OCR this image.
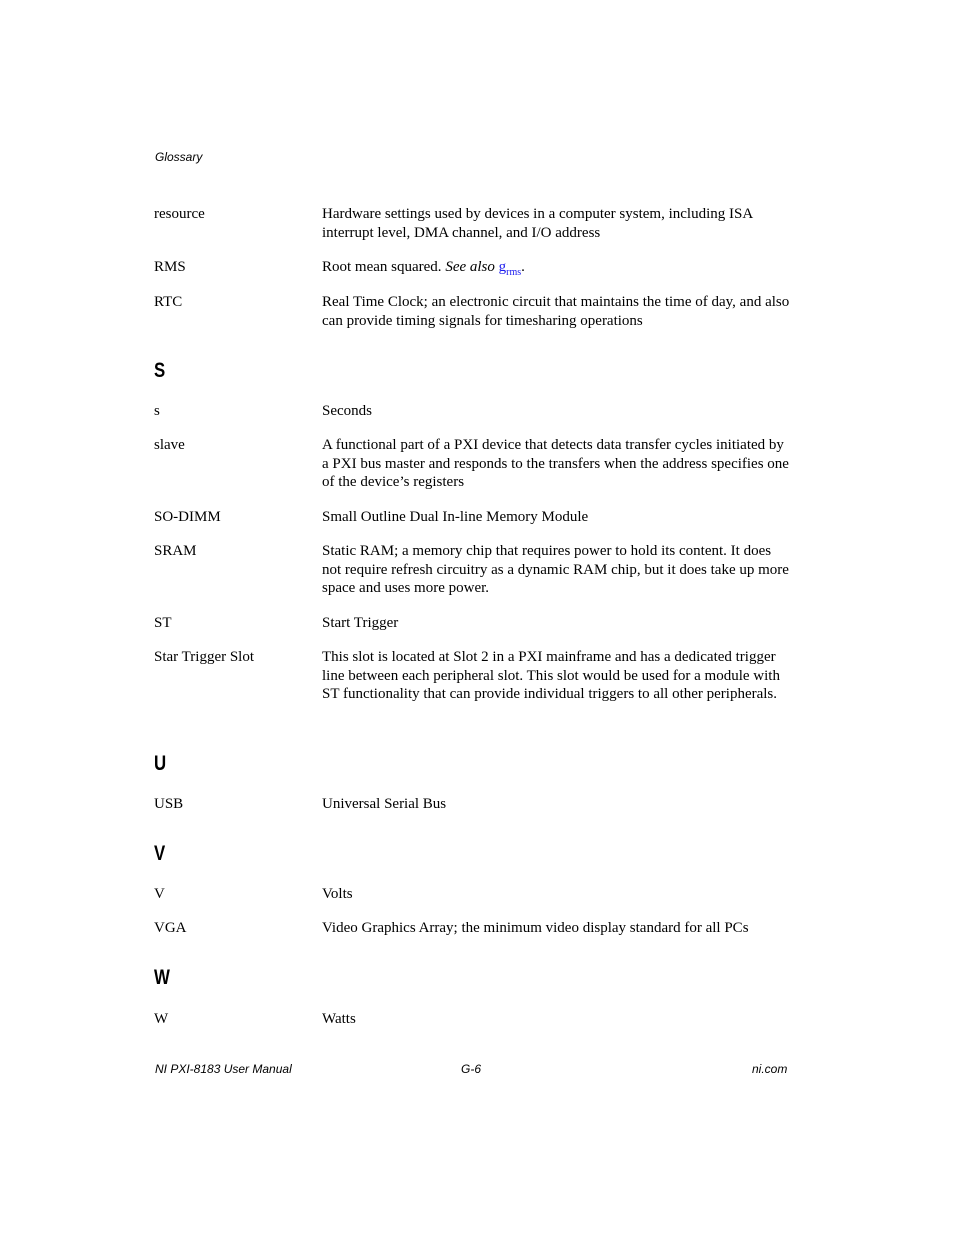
Glossary
resource	Hardware settings used by devices in a computer system, including ISA interrupt level, DMA channel, and I/O address
RMS	Root mean squared. See also $g_{rms}$.
RTC	Real Time Clock; an electronic circuit that maintains the time of day, and also can provide timing signals for timesharing operations
S
s	Seconds
slave	A functional part of a PXI device that detects data transfer cycles initiated by a PXI bus master and responds to the transfers when the address specifies one of the device’s registers
SO-DIMM	Small Outline Dual In-line Memory Module
SRAM	Static RAM; a memory chip that requires power to hold its content. It does not require refresh circuitry as a dynamic RAM chip, but it does take up more space and uses more power.
ST	Start Trigger
Star Trigger Slot	This slot is located at Slot 2 in a PXI mainframe and has a dedicated trigger line between each peripheral slot. This slot would be used for a module with ST functionality that can provide individual triggers to all other peripherals.
U
USB	Universal Serial Bus
V
V	Volts
VGA	Video Graphics Array; the minimum video display standard for all PCs
W
W	Watts
NI PXI-8183 User Manual	G-6	ni.com
